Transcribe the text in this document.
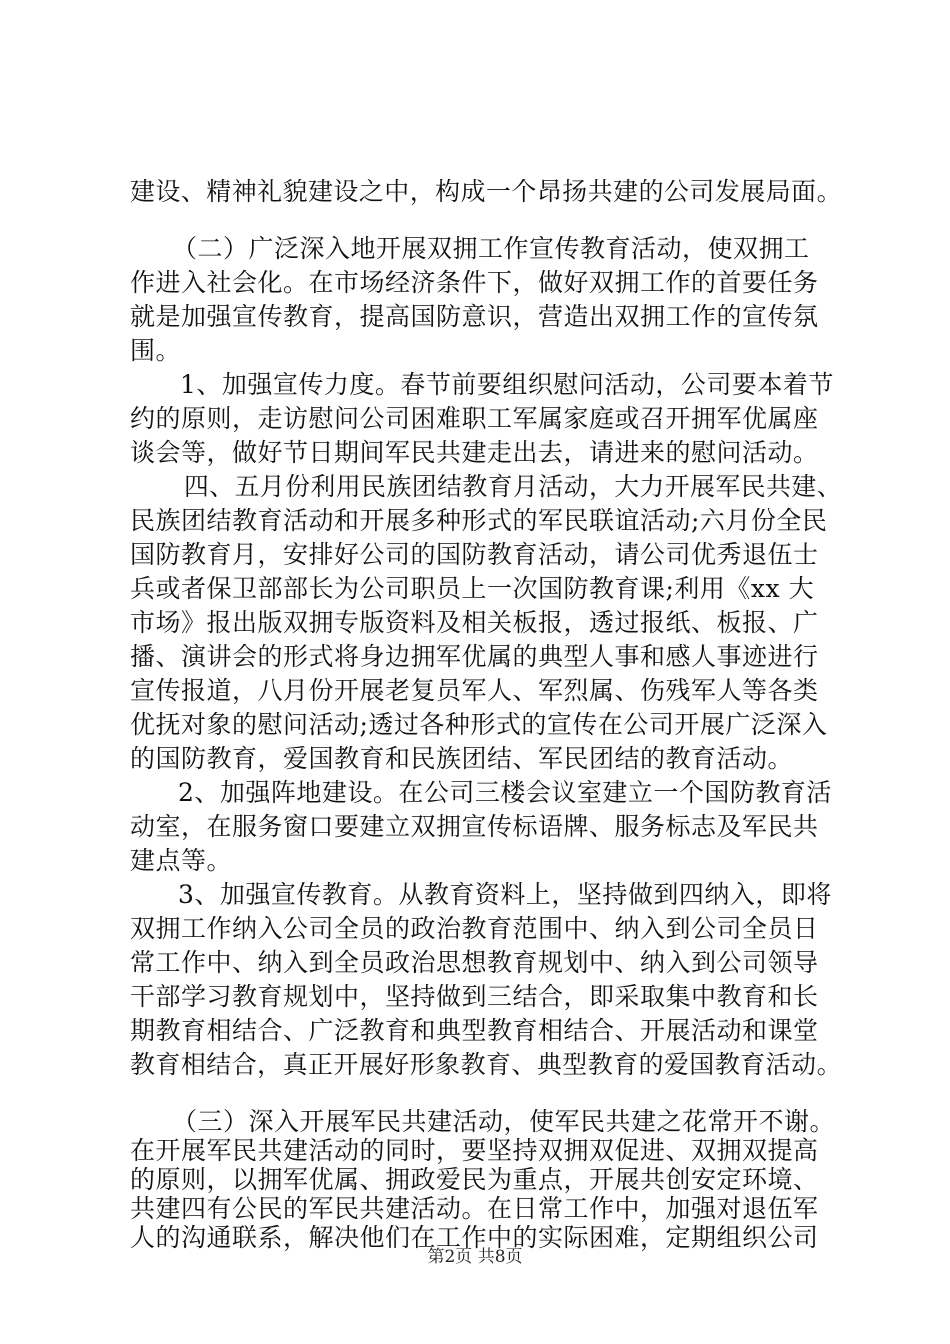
建设、精神礼貌建设之中，构成一个昂扬共建的公司发展局面。
（二）广泛深入地开展双拥工作宣传教育活动，使双拥工
作进入社会化。在市场经济条件下，做好双拥工作的首要任务
就是加强宣传教育，提高国防意识，营造出双拥工作的宣传氛
围。
1、加强宣传力度。春节前要组织慰问活动，公司要本着节
约的原则，走访慰问公司困难职工军属家庭或召开拥军优属座
谈会等，做好节日期间军民共建走出去，请进来的慰问活动。
四、五月份利用民族团结教育月活动，大力开展军民共建、
民族团结教育活动和开展多种形式的军民联谊活动;六月份全民
国防教育月，安排好公司的国防教育活动，请公司优秀退伍士
兵或者保卫部部长为公司职员上一次国防教育课;利用《xx 大
市场》报出版双拥专版资料及相关板报，透过报纸、板报、广
播、演讲会的形式将身边拥军优属的典型人事和感人事迹进行
宣传报道，八月份开展老复员军人、军烈属、伤残军人等各类
优抚对象的慰问活动;透过各种形式的宣传在公司开展广泛深入
的国防教育，爱国教育和民族团结、军民团结的教育活动。
2、加强阵地建设。在公司三楼会议室建立一个国防教育活
动室，在服务窗口要建立双拥宣传标语牌、服务标志及军民共
建点等。
3、加强宣传教育。从教育资料上，坚持做到四纳入，即将
双拥工作纳入公司全员的政治教育范围中、纳入到公司全员日
常工作中、纳入到全员政治思想教育规划中、纳入到公司领导
干部学习教育规划中，坚持做到三结合，即采取集中教育和长
期教育相结合、广泛教育和典型教育相结合、开展活动和课堂
教育相结合，真正开展好形象教育、典型教育的爱国教育活动。
（三）深入开展军民共建活动，使军民共建之花常开不谢。
在开展军民共建活动的同时，要坚持双拥双促进、双拥双提高
的原则，以拥军优属、拥政爱民为重点，开展共创安定环境、
共建四有公民的军民共建活动。在日常工作中，加强对退伍军
第2页 共8页
人的沟通联系，解决他们在工作中的实际困难，定期组织公司
